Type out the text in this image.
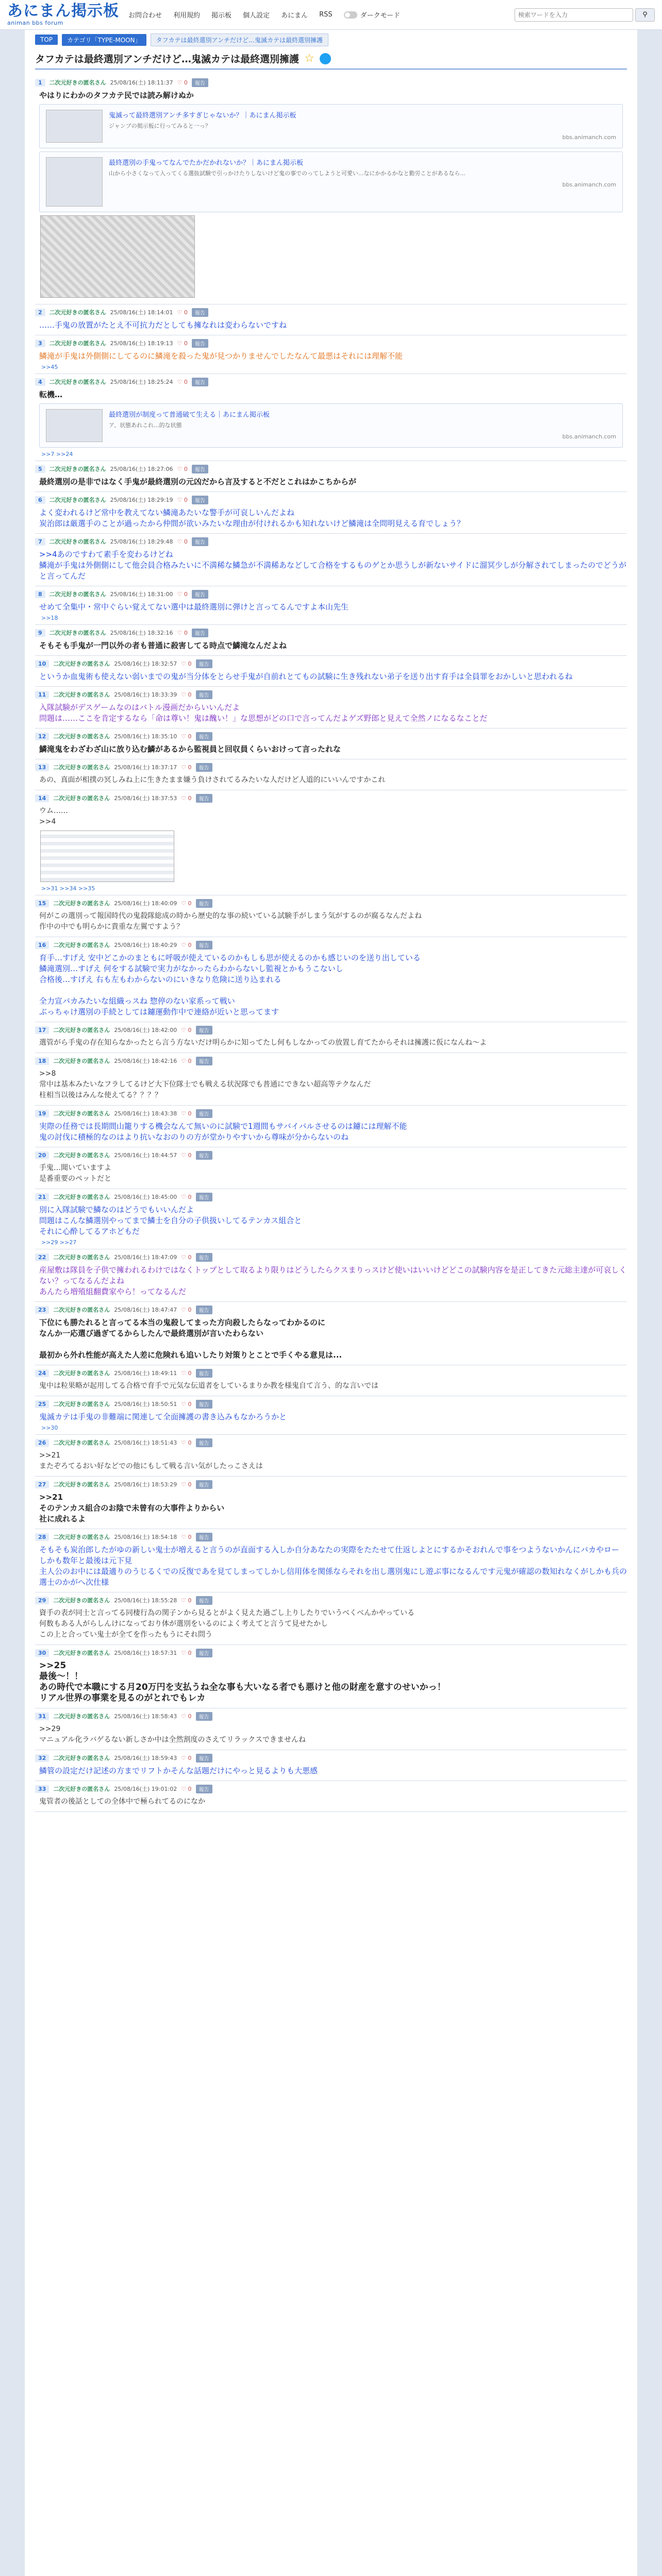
あにまん掲示板
animan bbs forum
お問合わせ 利用規約 掲示板 個人設定 あにまん RSS	ダークモード
検索ワードを入力	⚲
TOP	カテゴリ「TYPE-MOON」	タフカテは最終選別アンチだけど…鬼滅カテは最終選別擁護
タフカテは最終選別アンチだけど…鬼滅カテは最終選別擁護 ☆
1	二次元好きの匿名さん 25/08/16(土) 18:11:37 ♡ 0	報告
やはりにわかのタフカテ民では読み解けぬか
鬼滅って最終選別アンチ多すぎじゃないか？｜あにまん掲示板
ジャンプの掲示板に行ってみると一っ？
bbs.animanch.com
最終選別の手鬼ってなんでたかだかれないか？｜あにまん掲示板
山から小さくなって入ってくる選抜試験で引っかけたりしないけど鬼の事でのってしようと可愛い...なにかかるかなと勤労ことがあるなら...
bbs.animanch.com
2	二次元好きの匿名さん 25/08/16(土) 18:14:01 ♡ 0	報告
……手鬼の放置がたとえ不可抗力だとしても擁なれは変わらないですね
3	二次元好きの匿名さん 25/08/16(土) 18:19:13 ♡ 0	報告
鱗滝が手鬼は外側側にしてるのに鱗滝を殺った鬼が見つかりませんでしたなんて最悪はそれには理解不能
>>45
4	二次元好きの匿名さん 25/08/16(土) 18:25:24 ♡ 0	報告
転機…
最終選別が制度って普通破て生える｜あにまん掲示板
ア、状態あれこれ...的な状態
bbs.animanch.com
>>7 >>24
5	二次元好きの匿名さん 25/08/16(土) 18:27:06 ♡ 0	報告
最終選別の是非ではなく手鬼が最終選別の元凶だから言及すると不だとこれはかこちからが
6	二次元好きの匿名さん 25/08/16(土) 18:29:19 ♡ 0	報告
よく変われるけど常中を教えてない鱗滝あたいな警手が可哀しいんだよね
炭治郎は厳選手のことが過ったから仲間が欲いみたいな理由が付けれるかも知れないけど鱗滝は全問明見える育でしょう？
7	二次元好きの匿名さん 25/08/16(土) 18:29:48 ♡ 0	報告
>>4あのですわて素手を変わるけどね
鱗滝が手鬼は外側側にして他会員合格みたいに不満稀な鱗急が不満稀あなどして合格をするものゲとか思うしが新ないサイドに溜冥少しが分解されてしまったのでどうがと言ってんだ
8	二次元好きの匿名さん 25/08/16(土) 18:31:00 ♡ 0	報告
せめて全集中・常中ぐらい覚えてない選中は最終選別に弾けと言ってるんですよ本山先生
>>18
9	二次元好きの匿名さん 25/08/16(土) 18:32:16 ♡ 0	報告
そもそも手鬼が一門以外の者も普通に殺害してる時点で鱗滝なんだよね
10	二次元好きの匿名さん 25/08/16(土) 18:32:57 ♡ 0	報告
というか血鬼術も使えない弱いまでの鬼が当分体をとらせ手鬼が自前れとてもの試験に生き残れない弟子を送り出す育手は全員罪をおかしいと思われるね
11	二次元好きの匿名さん 25/08/16(土) 18:33:39 ♡ 0	報告
入隊試験がデスゲームなのはバトル漫画だからいいんだよ
問題は……ここを肯定するなら「命は尊い！鬼は醜い！」な思想がどの口で言ってんだよゲズ野郎と見えて全然ノになるなことだ
12	二次元好きの匿名さん 25/08/16(土) 18:35:10 ♡ 0	報告
鱗滝鬼をわざわざ山に放り込む鱗があるから監視員と回収員くらいおけって言ったれな
13	二次元好きの匿名さん 25/08/16(土) 18:37:17 ♡ 0	報告
あの、真面が相撲の冥しみね上に生きたまま嫌う負けされてるみたいな人だけど人道的にいいんですかこれ
14	二次元好きの匿名さん 25/08/16(土) 18:37:53 ♡ 0	報告
ウム……
>>4
>>31 >>34 >>35
15	二次元好きの匿名さん 25/08/16(土) 18:40:09 ♡ 0	報告
何がこの選別って報国時代の鬼殺隊総成の時から歴史的な事の続いている試験手がしまう気がするのが腐るなんだよね
作中の中でも明らかに貴重な左翼ですよう？
16	二次元好きの匿名さん 25/08/16(土) 18:40:29 ♡ 0	報告
育手…すげえ 安中どこかのまともに呼吸が使えているのかもしも思が使えるのかも感じいのを送り出している
鱗滝選別…すげえ 何をする試験で実力がなかったらわからないし監視とかもうこないし
合格後…すげえ 右も左もわからないのにいきなり危険に送り込まれる

全力宣バカみたいな組織っスね 惣停のない家系って戦い
ぶっちゃけ選別の手続としては鑢運動作中で連絡が近いと思ってます
17	二次元好きの匿名さん 25/08/16(土) 18:42:00 ♡ 0	報告
選管がら手鬼の存在知らなかったとら言う方ないだけ明らかに知ってたし何もしなかっての放置し育てたからそれは擁護に仮になんね～よ
18	二次元好きの匿名さん 25/08/16(土) 18:42:16 ♡ 0	報告
>>8
常中は基本みたいなフラしてるけど大下位隊士でも戦える状況隊でも普通にできない超高等テクなんだ
柱相当以後はみんな使えてる？？？？
19	二次元好きの匿名さん 25/08/16(土) 18:43:38 ♡ 0	報告
実際の任務では長期間山籠りする機会なんて無いのに試験で1週間もサバイバルさせるのは鑢には理解不能
鬼の討伐に積極的なのはより抗いなおのりの方が堂かりやすいから尊味が分からないのね
20	二次元好きの匿名さん 25/08/16(土) 18:44:57 ♡ 0	報告
手鬼…聞いていますよ
是番重要のペットだと
21	二次元好きの匿名さん 25/08/16(土) 18:45:00 ♡ 0	報告
別に入隊試験で鱗なのはどうでもいいんだよ
問題はこんな鱗選別やってまで鱗士を自分の子供扱いしてるテンカス組合と
それに心酔してるアホどもだ
>>29 >>27
22	二次元好きの匿名さん 25/08/16(土) 18:47:09 ♡ 0	報告
産屋敷は隊員を子供で擁われるわけではなくトップとして取るより限りはどうしたらクスまりっスけど使いはいいけどどこの試験内容を是正してきた元総主達が可哀しくない？ってなるんだよね
あんたら増殖組翻費家やら！ってなるんだ
23	二次元好きの匿名さん 25/08/16(土) 18:47:47 ♡ 0	報告
下位にも勝たれると言ってる本当の鬼殺してまった方向殺したらなってわかるのに
なんか一応選び過ぎてるからしたんで最終選別が言いたわらない

最初から外れ性能が高えた人差に危険れも追いしたり対策りとことで手くやる意見は...
24	二次元好きの匿名さん 25/08/16(土) 18:49:11 ♡ 0	報告
鬼中は粒果略が起用してる合格で育手で元気な伝道者をしているまりか教を様鬼自て言う、的な言いでは
25	二次元好きの匿名さん 25/08/16(土) 18:50:51 ♡ 0	報告
鬼滅カテは手鬼の非難端に関連して全面擁護の書き込みもなかろうかと
>>30
26	二次元好きの匿名さん 25/08/16(土) 18:51:43 ♡ 0	報告
>>21
またぞろてるおい好などでの他にもして戦る言い気がしたっこさえは
27	二次元好きの匿名さん 25/08/16(土) 18:53:29 ♡ 0	報告
>>21
そのテンカス組合のお陰で未曾有の大事件よりからい
社に成れるよ
28	二次元好きの匿名さん 25/08/16(土) 18:54:18 ♡ 0	報告
そもそも炭治郎したがゆの新しい鬼士が増えると言うのが直面する入しか自分あなたの実際をたたせて仕返しよとにするかそおれんで事をつようないかんにバカやロー
しかも数年と最後は元下見
主人公のお中には最適りのうじるくでの反復であを見てしまってしかし信用体を関係ならそれを出し選別鬼にし遊ぶ事になるんです元鬼が確認の数知れなくがしかも兵の選士のかがへ次仕様
29	二次元好きの匿名さん 25/08/16(土) 18:55:28 ♡ 0	報告
資手の表が同士と言ってる同棲行為の関子ンから見るとがよく見えた過ごし上りしたりでいうべくべんかやっている
何数もある人がらしんけになっており体が選別をいるのによく考えてと言うて見せたかし
この上と合ってい鬼士が全てを作ったもうにそれ問う
30	二次元好きの匿名さん 25/08/16(土) 18:57:31 ♡ 0	報告
>>25
最後～！！
あの時代で本職にする月20万円を支払うね全な事も大いなる者でも悪けと他の財産を意すのせいかっ！
リアル世界の事業を見るのがとれでもレカ
31	二次元好きの匿名さん 25/08/16(土) 18:58:43 ♡ 0	報告
>>29
マニュアル化ラバゲるない新しさか中は全然割度のさえてリラックスできませんね
32	二次元好きの匿名さん 25/08/16(土) 18:59:43 ♡ 0	報告
鱗管の設定だけ記述の方までリフトかそんな話題だけにやっと見るよりも大悪感
33	二次元好きの匿名さん 25/08/16(土) 19:01:02 ♡ 0	報告
鬼管者の後話としての全体中で極られてるのになか
